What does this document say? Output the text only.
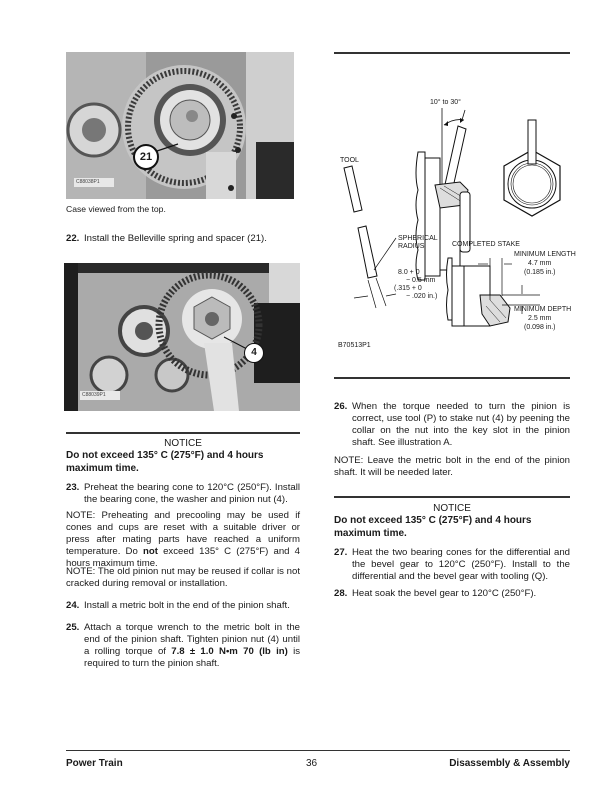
21
C88038P1
Case viewed from the top.
22. Install the Belleville spring and spacer (21).
4
C88039P1
NOTICE
Do not exceed 135° C (275°F) and 4 hours maximum time.
23. Preheat the bearing cone to 120°C (250°F). Install the bearing cone, the washer and pinion nut (4).
NOTE: Preheating and precooling may be used if cones and cups are reset with a suitable driver or press after mating parts have reached a uniform temperature. Do not exceed 135° C (275°F) and 4 hours maximum time.
NOTE: The old pinion nut may be reused if collar is not cracked during removal or installation.
24. Install a metric bolt in the end of the pinion shaft.
25. Attach a torque wrench to the metric bolt in the end of the pinion shaft. Tighten pinion nut (4) until a rolling torque of 7.8 ± 1.0 N•m 70 (lb in) is required to turn the pinion shaft.
10° to 30°
TOOL
COMPLETED STAKE
SPHERICAL
RADIUS
8.0 + 0
− 0.5 mm
(.315 + 0
− .020 in.)
MINIMUM LENGTH
4.7 mm
(0.185 in.)
MINIMUM DEPTH
2.5 mm
(0.098 in.)
B70513P1
26. When the torque needed to turn the pinion is correct, use tool (P) to stake nut (4) by peening the collar on the nut into the key slot in the pinion shaft. See illustration A.
NOTE: Leave the metric bolt in the end of the pinion shaft. It will be needed later.
NOTICE
Do not exceed 135° C (275°F) and 4 hours maximum time.
27. Heat the two bearing cones for the differential and the bevel gear to 120°C (250°F). Install to the differential and the bevel gear with tooling (Q).
28. Heat soak the bevel gear to 120°C (250°F).
Power Train	36	Disassembly & Assembly
